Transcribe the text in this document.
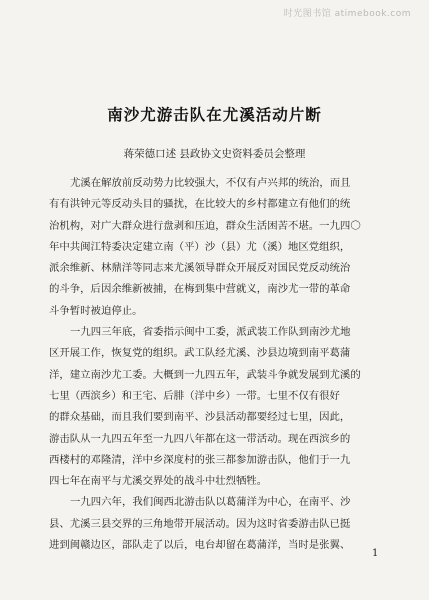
时光图书馆 atimebook.com
南沙尤游击队在尤溪活动片断
蒋荣德口述 县政协文史资料委员会整理

尤溪在解放前反动势力比较强大，不仅有卢兴邦的统治，而且
有有洪钟元等反动头目的骚扰，在比较大的乡村都建立有他们的统
治机构，对广大群众进行盘剥和压迫，群众生活困苦不堪。一九四〇
年中共闽江特委决定建立南（平）沙（县）尤（溪）地区党组织，
派余维新、林鼎洋等同志来尤溪领导群众开展反对国民党反动统治
的斗争，后因余维新被捕，在梅到集中营就义，南沙尤一带的革命
斗争暂时被迫停止。

一九四三年底，省委指示闽中工委，派武装工作队到南沙尤地
区开展工作，恢复党的组织。武工队经尤溪、沙县边境到南平葛蒲
洋，建立南沙尤工委。大概到一九四五年，武装斗争就发展到尤溪的
七里（西滨乡）和王宅、后腓（洋中乡）一带。七里不仅有很好
的群众基础，而且我们要到南平、沙县活动都要经过七里，因此，
游击队从一九四五年至一九四八年都在这一带活动。现在西滨乡的
西楼村的邓隆清，洋中乡深度村的张三都参加游击队，他们于一九
四七年在南平与尤溪交界处的战斗中壮烈牺牲。

一九四六年，我们闽西北游击队以葛蒲洋为中心，在南平、沙
县、尤溪三县交界的三角地带开展活动。因为这时省委游击队已挺
进到闽赣边区，部队走了以后，电台却留在葛蒲洋，当时是张翼、

1
